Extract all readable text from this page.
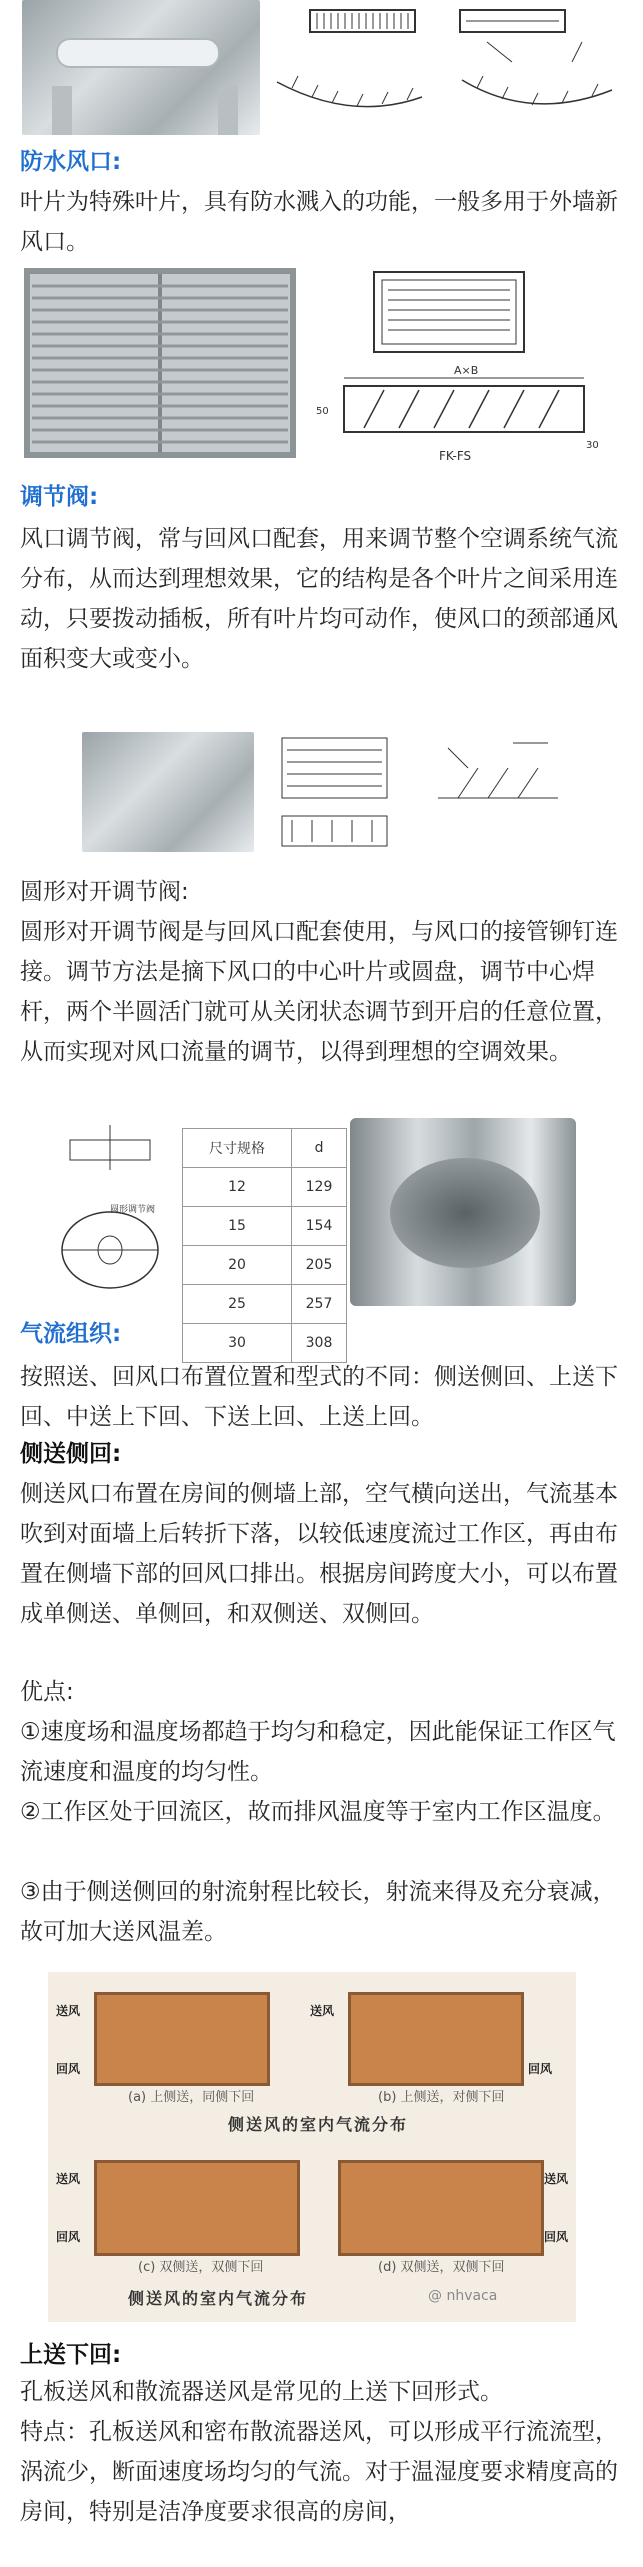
防水风口:

叶片为特殊叶片，具有防水溅入的功能，一般多用于外墙新风口。

A×B
FK-FS
50
30
调节阀:

风口调节阀，常与回风口配套，用来调节整个空调系统气流分布，从而达到理想效果，它的结构是各个叶片之间采用连动，只要拨动插板，所有叶片均可动作，使风口的颈部通风面积变大或变小。

圆形对开调节阀:

圆形对开调节阀是与回风口配套使用，与风口的接管铆钉连接。调节方法是摘下风口的中心叶片或圆盘，调节中心焊杆，两个半圆活门就可从关闭状态调节到开启的任意位置，从而实现对风口流量的调节，以得到理想的空调效果。

圆形调节阀
尺寸规格	d
12	129
15	154
20	205
25	257
30	308
气流组织:

按照送、回风口布置位置和型式的不同：侧送侧回、上送下回、中送上下回、下送上回、上送上回。

侧送侧回:

侧送风口布置在房间的侧墙上部，空气横向送出，气流基本吹到对面墙上后转折下落，以较低速度流过工作区，再由布置在侧墙下部的回风口排出。根据房间跨度大小，可以布置成单侧送、单侧回，和双侧送、双侧回。

优点:

①速度场和温度场都趋于均匀和稳定，因此能保证工作区气流速度和温度的均匀性。

②工作区处于回流区，故而排风温度等于室内工作区温度。

③由于侧送侧回的射流射程比较长，射流来得及充分衰减，故可加大送风温差。

(a) 上侧送，同侧下回
送风
回风
(b) 上侧送，对侧下回
送风
回风
侧送风的室内气流分布
(c) 双侧送，双侧下回
送风
回风
(d) 双侧送，双侧下回
送风
回风
侧送风的室内气流分布	@ nhvaca
上送下回:

孔板送风和散流器送风是常见的上送下回形式。

特点：孔板送风和密布散流器送风，可以形成平行流流型，涡流少，断面速度场均匀的气流。对于温湿度要求精度高的房间，特别是洁净度要求很高的房间，
